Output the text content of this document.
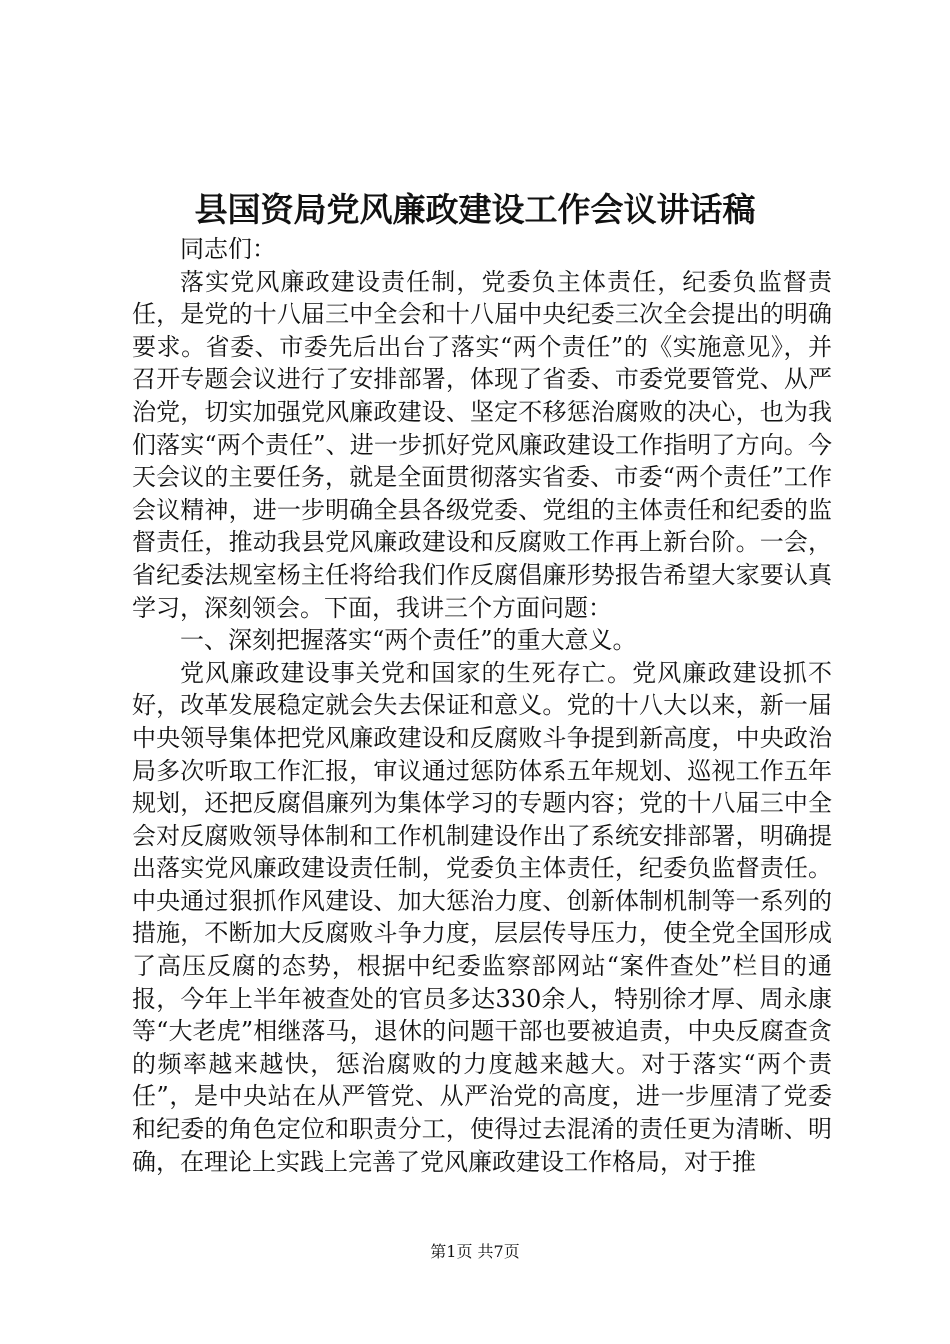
县国资局党风廉政建设工作会议讲话稿

同志们：

落实党风廉政建设责任制，党委负主体责任，纪委负监督责任，是党的十八届三中全会和十八届中央纪委三次全会提出的明确要求。省委、市委先后出台了落实“两个责任”的《实施意见》，并召开专题会议进行了安排部署，体现了省委、市委党要管党、从严治党，切实加强党风廉政建设、坚定不移惩治腐败的决心，也为我们落实“两个责任”、进一步抓好党风廉政建设工作指明了方向。今天会议的主要任务，就是全面贯彻落实省委、市委“两个责任”工作会议精神，进一步明确全县各级党委、党组的主体责任和纪委的监督责任，推动我县党风廉政建设和反腐败工作再上新台阶。一会，省纪委法规室杨主任将给我们作反腐倡廉形势报告希望大家要认真学习，深刻领会。下面，我讲三个方面问题：

一、深刻把握落实“两个责任”的重大意义。

党风廉政建设事关党和国家的生死存亡。党风廉政建设抓不好，改革发展稳定就会失去保证和意义。党的十八大以来，新一届中央领导集体把党风廉政建设和反腐败斗争提到新高度，中央政治局多次听取工作汇报，审议通过惩防体系五年规划、巡视工作五年规划，还把反腐倡廉列为集体学习的专题内容；党的十八届三中全会对反腐败领导体制和工作机制建设作出了系统安排部署，明确提出落实党风廉政建设责任制，党委负主体责任，纪委负监督责任。中央通过狠抓作风建设、加大惩治力度、创新体制机制等一系列的措施，不断加大反腐败斗争力度，层层传导压力，使全党全国形成了高压反腐的态势，根据中纪委监察部网站“案件查处”栏目的通报，今年上半年被查处的官员多达330余人，特别徐才厚、周永康等“大老虎”相继落马，退休的问题干部也要被追责，中央反腐查贪的频率越来越快，惩治腐败的力度越来越大。对于落实“两个责任”，是中央站在从严管党、从严治党的高度，进一步厘清了党委和纪委的角色定位和职责分工，使得过去混淆的责任更为清晰、明确，在理论上实践上完善了党风廉政建设工作格局，对于推

第1页 共7页
